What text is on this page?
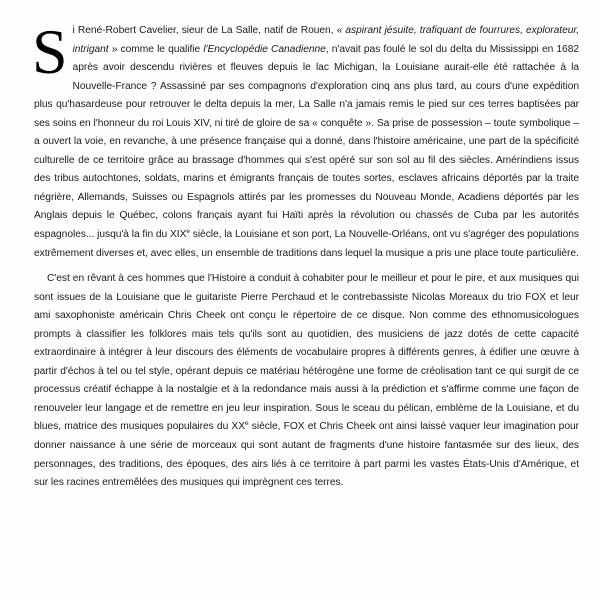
Si René-Robert Cavelier, sieur de La Salle, natif de Rouen, « aspirant jésuite, trafiquant de fourrures, explorateur, intrigant » comme le qualifie l'Encyclopédie Canadienne, n'avait pas foulé le sol du delta du Mississippi en 1682 après avoir descendu rivières et fleuves depuis le lac Michigan, la Louisiane aurait-elle été rattachée à la Nouvelle-France ? Assassiné par ses compagnons d'exploration cinq ans plus tard, au cours d'une expédition plus qu'hasardeuse pour retrouver le delta depuis la mer, La Salle n'a jamais remis le pied sur ces terres baptisées par ses soins en l'honneur du roi Louis XIV, ni tiré de gloire de sa « conquête ». Sa prise de possession – toute symbolique – a ouvert la voie, en revanche, à une présence française qui a donné, dans l'histoire américaine, une part de la spécificité culturelle de ce territoire grâce au brassage d'hommes qui s'est opéré sur son sol au fil des siècles. Amérindiens issus des tribus autochtones, soldats, marins et émigrants français de toutes sortes, esclaves africains déportés par la traite négrière, Allemands, Suisses ou Espagnols attirés par les promesses du Nouveau Monde, Acadiens déportés par les Anglais depuis le Québec, colons français ayant fui Haïti après la révolution ou chassés de Cuba par les autorités espagnoles... jusqu'à la fin du XIXe siècle, la Louisiane et son port, La Nouvelle-Orléans, ont vu s'agréger des populations extrêmement diverses et, avec elles, un ensemble de traditions dans lequel la musique a pris une place toute particulière.

C'est en rêvant à ces hommes que l'Histoire a conduit à cohabiter pour le meilleur et pour le pire, et aux musiques qui sont issues de la Louisiane que le guitariste Pierre Perchaud et le contrebassiste Nicolas Moreaux du trio FOX et leur ami saxophoniste américain Chris Cheek ont conçu le répertoire de ce disque. Non comme des ethnomusicologues prompts à classifier les folklores mais tels qu'ils sont au quotidien, des musiciens de jazz dotés de cette capacité extraordinaire à intégrer à leur discours des éléments de vocabulaire propres à différents genres, à édifier une œuvre à partir d'échos à tel ou tel style, opérant depuis ce matériau hétérogène une forme de créolisation tant ce qui surgit de ce processus créatif échappe à la nostalgie et à la redondance mais aussi à la prédiction et s'affirme comme une façon de renouveler leur langage et de remettre en jeu leur inspiration. Sous le sceau du pélican, emblème de la Louisiane, et du blues, matrice des musiques populaires du XXe siècle, FOX et Chris Cheek ont ainsi laissé vaquer leur imagination pour donner naissance à une série de morceaux qui sont autant de fragments d'une histoire fantasmée sur des lieux, des personnages, des traditions, des époques, des airs liés à ce territoire à part parmi les vastes États-Unis d'Amérique, et sur les racines entremêlées des musiques qui imprègnent ces terres.
